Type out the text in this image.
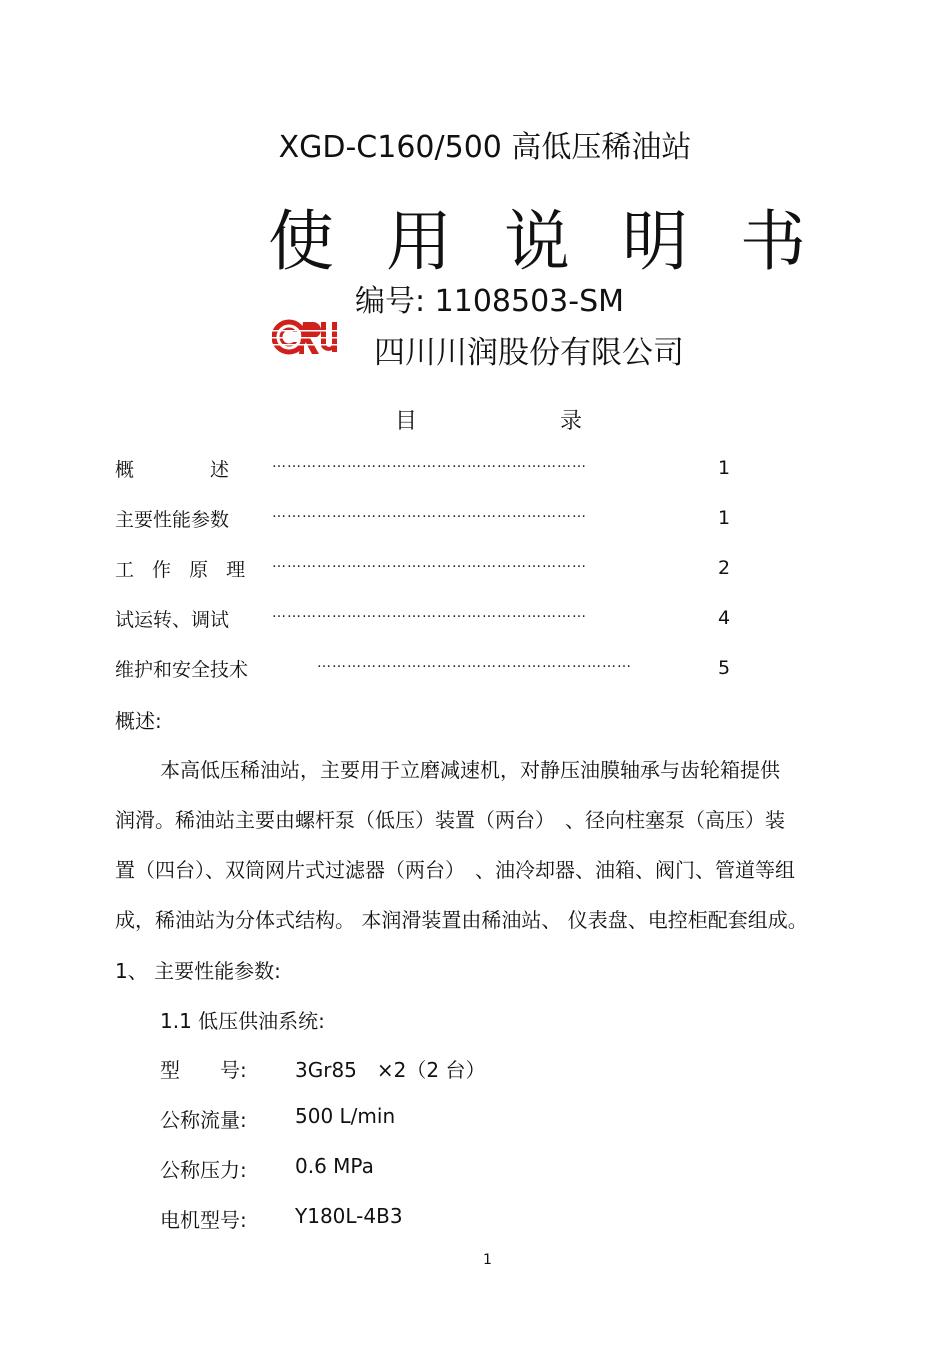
XGD-C160/500 高低压稀油站
使用说明书
编号: 1108503-SM
四川川润股份有限公司
目	录
概　　　　述	………………………………………………………	1
主要性能参数	………………………………………………………	1
工 作 原 理 ………………………………………………………	2
试运转、调试	………………………………………………………	4
维护和安全技术	………………………………………………………	5
概述:
本高低压稀油站，主要用于立磨减速机，对静压油膜轴承与齿轮箱提供
润滑。稀油站主要由螺杆泵（低压）装置（两台）　、径向柱塞泵（高压）装
置（四台）、双筒网片式过滤器（两台）　、油冷却器、油箱、阀门、管道等组
成，稀油站为分体式结构。 本润滑装置由稀油站、 仪表盘、电控柜配套组成。
1、 主要性能参数:
1.1 低压供油系统:
型　　号: 3Gr85　×2（2 台）
公称流量: 500 L/min
公称压力: 0.6 MPa
电机型号: Y180L-4B3
1
